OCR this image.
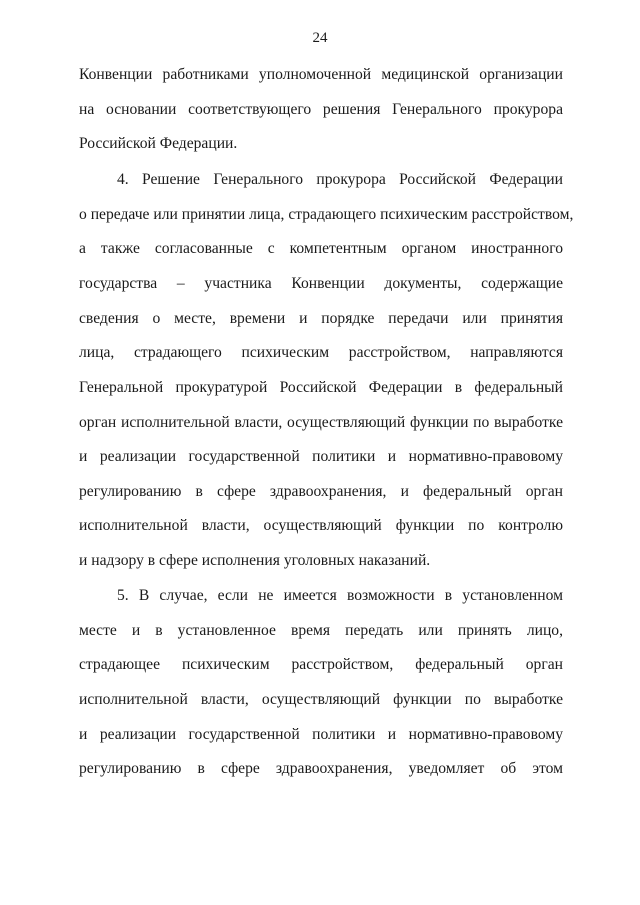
24
Конвенции работниками уполномоченной медицинской организации
на основании соответствующего решения Генерального прокурора
Российской Федерации.
4. Решение Генерального прокурора Российской Федерации
о передаче или принятии лица, страдающего психическим расстройством,
а также согласованные с компетентным органом иностранного
государства – участника Конвенции документы, содержащие
сведения о месте, времени и порядке передачи или принятия
лица, страдающего психическим расстройством, направляются
Генеральной прокуратурой Российской Федерации в федеральный
орган исполнительной власти, осуществляющий функции по выработке
и реализации государственной политики и нормативно-правовому
регулированию в сфере здравоохранения, и федеральный орган
исполнительной власти, осуществляющий функции по контролю
и надзору в сфере исполнения уголовных наказаний.
5. В случае, если не имеется возможности в установленном
месте и в установленное время передать или принять лицо,
страдающее психическим расстройством, федеральный орган
исполнительной власти, осуществляющий функции по выработке
и реализации государственной политики и нормативно-правовому
регулированию в сфере здравоохранения, уведомляет об этом
